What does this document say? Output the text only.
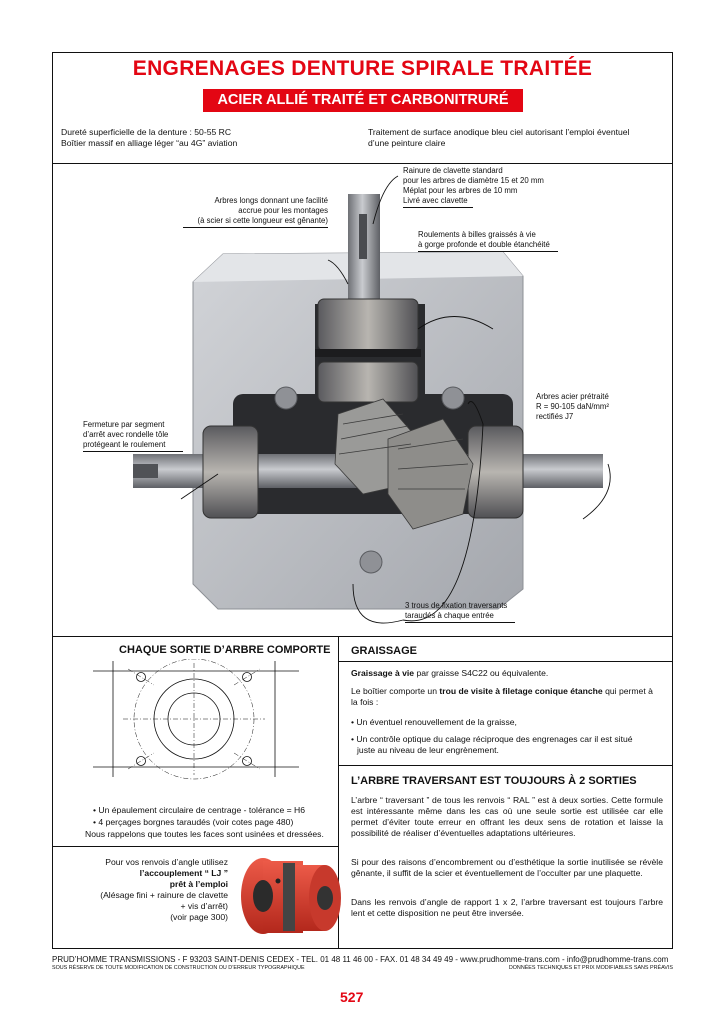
ENGRENAGES DENTURE SPIRALE TRAITÉE
ACIER ALLIÉ TRAITÉ ET CARBONITRURÉ
Dureté superficielle de la denture : 50-55 RC
Boîtier massif en alliage léger “au 4G” aviation
Traitement de surface anodique bleu ciel autorisant l’emploi éventuel
d’une peinture claire
Rainure de clavette standard
pour les arbres de diamètre 15 et 20 mm
Méplat pour les arbres de 10 mm
Livré avec clavette
Arbres longs donnant une facilité
accrue pour les montages
(à scier si cette longueur est gênante)
Roulements à billes graissés à vie
à gorge profonde et double étanchéité
Fermeture par segment
d’arrêt avec rondelle tôle
protégeant le roulement
Arbres acier prétraité
R = 90-105 daN/mm²
rectifiés J7
3 trous de fixation traversants
taraudés à chaque entrée
CHAQUE SORTIE D’ARBRE COMPORTE
• Un épaulement circulaire de centrage - tolérance = H6
• 4 perçages borgnes taraudés (voir cotes page 480)
Nous rappelons que toutes les faces sont usinées et dressées.
Pour vos renvois d’angle utilisez
l’accouplement “ LJ ”
prêt à l’emploi
(Alésage fini + rainure de clavette
+ vis d’arrêt)
(voir page 300)
GRAISSAGE
Graissage à vie par graisse S4C22 ou équivalente.
Le boîtier comporte un trou de visite à filetage conique étanche qui permet à la fois :
• Un éventuel renouvellement de la graisse,
• Un contrôle optique du calage réciproque des engrenages car il est situé juste au niveau de leur engrènement.
L’ARBRE TRAVERSANT EST TOUJOURS À 2 SORTIES
L’arbre “ traversant ” de tous les renvois “ RAL ” est à deux sorties. Cette formule est intéressante même dans les cas où une seule sortie est utilisée car elle permet d’éviter toute erreur en offrant les deux sens de rotation et laisse la possibilité de réaliser d’éventuelles adaptations ultérieures.
Si pour des raisons d’encombrement ou d’esthétique la sortie inutilisée se révèle gênante, il suffit de la scier et éventuellement de l’occulter par une plaquette.
Dans les renvois d’angle de rapport 1 x 2, l’arbre traversant est toujours l’arbre lent et cette disposition ne peut être inversée.
PRUD’HOMME TRANSMISSIONS - F 93203 SAINT-DENIS CEDEX - TEL. 01 48 11 46 00 - FAX. 01 48 34 49 49 - www.prudhomme-trans.com - info@prudhomme-trans.com
SOUS RÉSERVE DE TOUTE MODIFICATION DE CONSTRUCTION OU D’ERREUR TYPOGRAPHIQUE	DONNÉES TECHNIQUES ET PRIX MODIFIABLES SANS PRÉAVIS
527
